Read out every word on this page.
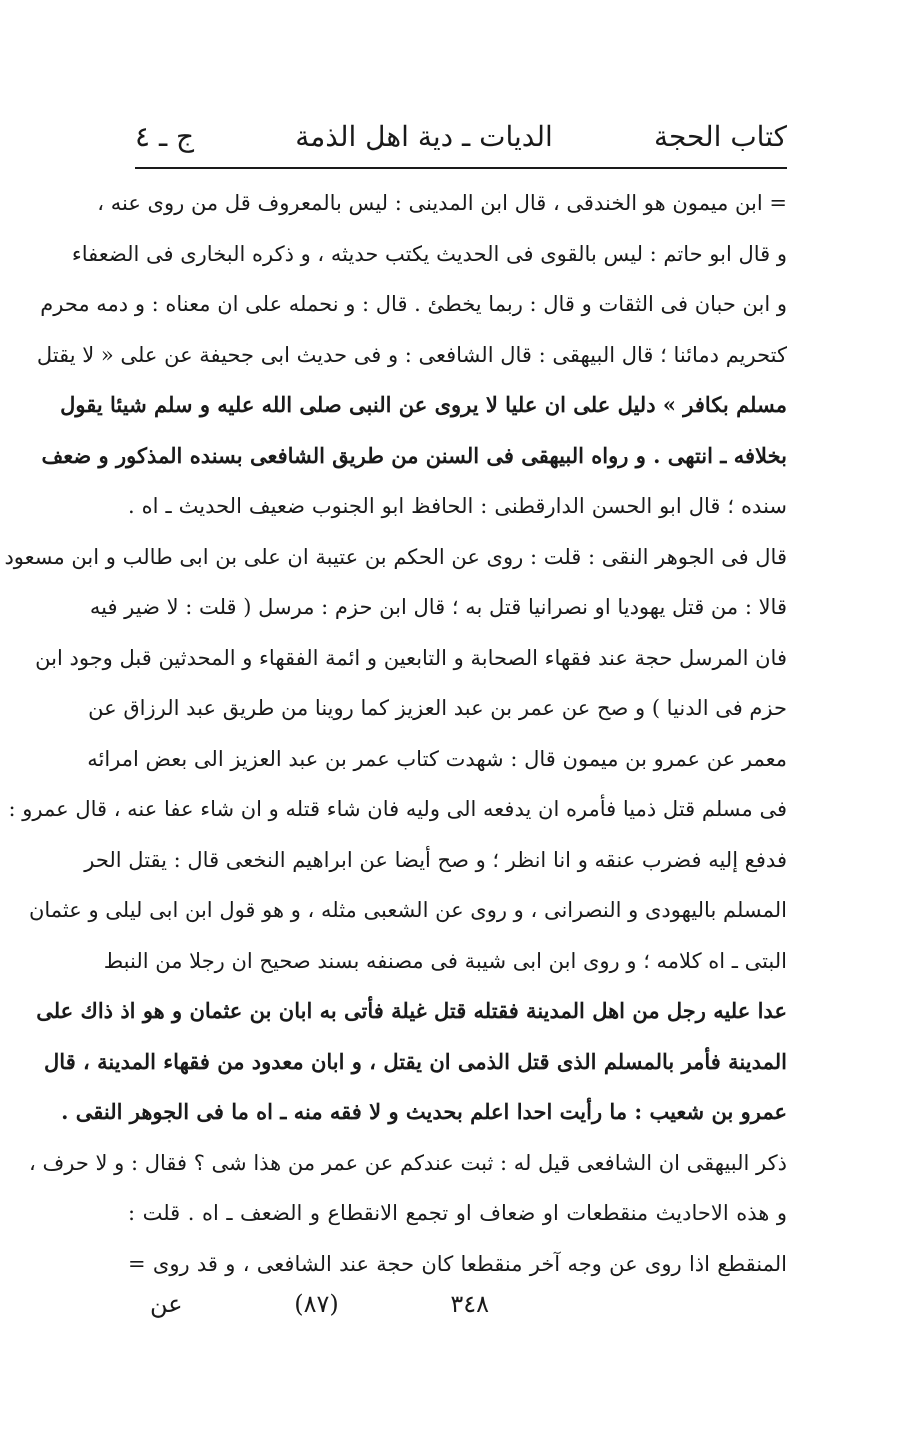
كتاب الحجة
الديات ـ دية اهل الذمة
ج ـ ٤
= ابن ميمون هو الخندقى ، قال ابن المدينى : ليس بالمعروف قل من روى عنه ،
و قال ابو حاتم : ليس بالقوى فى الحديث يكتب حديثه ، و ذكره البخارى فى الضعفاء
و ابن حبان فى الثقات و قال : ربما يخطئ . قال : و نحمله على ان معناه : و دمه محرم
كتحريم دمائنا ؛ قال البيهقى : قال الشافعى : و فى حديث ابى جحيفة عن على « لا يقتل
مسلم بكافر » دليل على ان عليا لا يروى عن النبى صلى الله عليه و سلم شيئا يقول
بخلافه ـ انتهى . و رواه البيهقى فى السنن من طريق الشافعى بسنده المذكور و ضعف
سنده ؛ قال ابو الحسن الدارقطنى : الحافظ ابو الجنوب ضعيف الحديث ـ اه .
قال فى الجوهر النقى : قلت : روى عن الحكم بن عتيبة ان على بن ابى طالب و ابن مسعود
قالا : من قتل يهوديا او نصرانيا قتل به ؛ قال ابن حزم : مرسل ( قلت : لا ضير فيه
فان المرسل حجة عند فقهاء الصحابة و التابعين و ائمة الفقهاء و المحدثين قبل وجود ابن
حزم فى الدنيا ) و صح عن عمر بن عبد العزيز كما روينا من طريق عبد الرزاق عن
معمر عن عمرو بن ميمون قال : شهدت كتاب عمر بن عبد العزيز الى بعض امرائه
فى مسلم قتل ذميا فأمره ان يدفعه الى وليه فان شاء قتله و ان شاء عفا عنه ، قال عمرو :
فدفع إليه فضرب عنقه و انا انظر ؛ و صح أيضا عن ابراهيم النخعى قال : يقتل الحر
المسلم باليهودى و النصرانى ، و روى عن الشعبى مثله ، و هو قول ابن ابى ليلى و عثمان
البتى ـ اه كلامه ؛ و روى ابن ابى شيبة فى مصنفه بسند صحيح ان رجلا من النبط
عدا عليه رجل من اهل المدينة فقتله قتل غيلة فأتى به ابان بن عثمان و هو اذ ذاك على
المدينة فأمر بالمسلم الذى قتل الذمى ان يقتل ، و ابان معدود من فقهاء المدينة ، قال
عمرو بن شعيب : ما رأيت احدا اعلم بحديث و لا فقه منه ـ اه ما فى الجوهر النقى .
ذكر البيهقى ان الشافعى قيل له : ثبت عندكم عن عمر من هذا شى ؟ فقال : و لا حرف ،
و هذه الاحاديث منقطعات او ضعاف او تجمع الانقطاع و الضعف ـ اه . قلت :
المنقطع اذا روى عن وجه آخر منقطعا كان حجة عند الشافعى ، و قد روى =
٣٤٨
(٨٧)
عن
